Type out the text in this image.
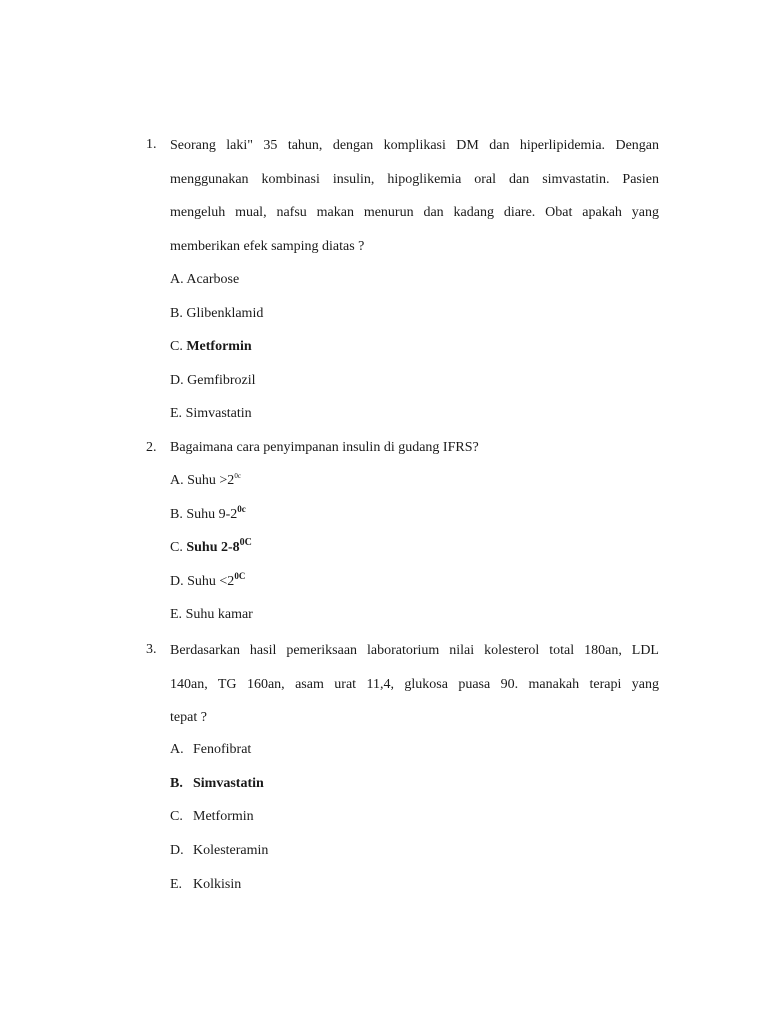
1. Seorang laki" 35 tahun, dengan komplikasi DM dan hiperlipidemia. Dengan
menggunakan kombinasi insulin, hipoglikemia oral dan simvastatin. Pasien
mengeluh mual, nafsu makan menurun dan kadang diare. Obat apakah yang
memberikan efek samping diatas ?
A. Acarbose
B. Glibenklamid
C. Metformin
D. Gemfibrozil
E. Simvastatin
2. Bagaimana cara penyimpanan insulin di gudang IFRS?
A. Suhu $>2^{0c}$
B. Suhu $9-2^{0c}$
C. Suhu $2-8^{0C}$
D. Suhu $<2^{0C}$
E. Suhu kamar
3. Berdasarkan hasil pemeriksaan laboratorium nilai kolesterol total 180an, LDL
140an, TG 160an, asam urat 11,4, glukosa puasa 90. manakah terapi yang
tepat ?
A. Fenofibrat
B. Simvastatin
C. Metformin
D. Kolesteramin
E. Kolkisin
